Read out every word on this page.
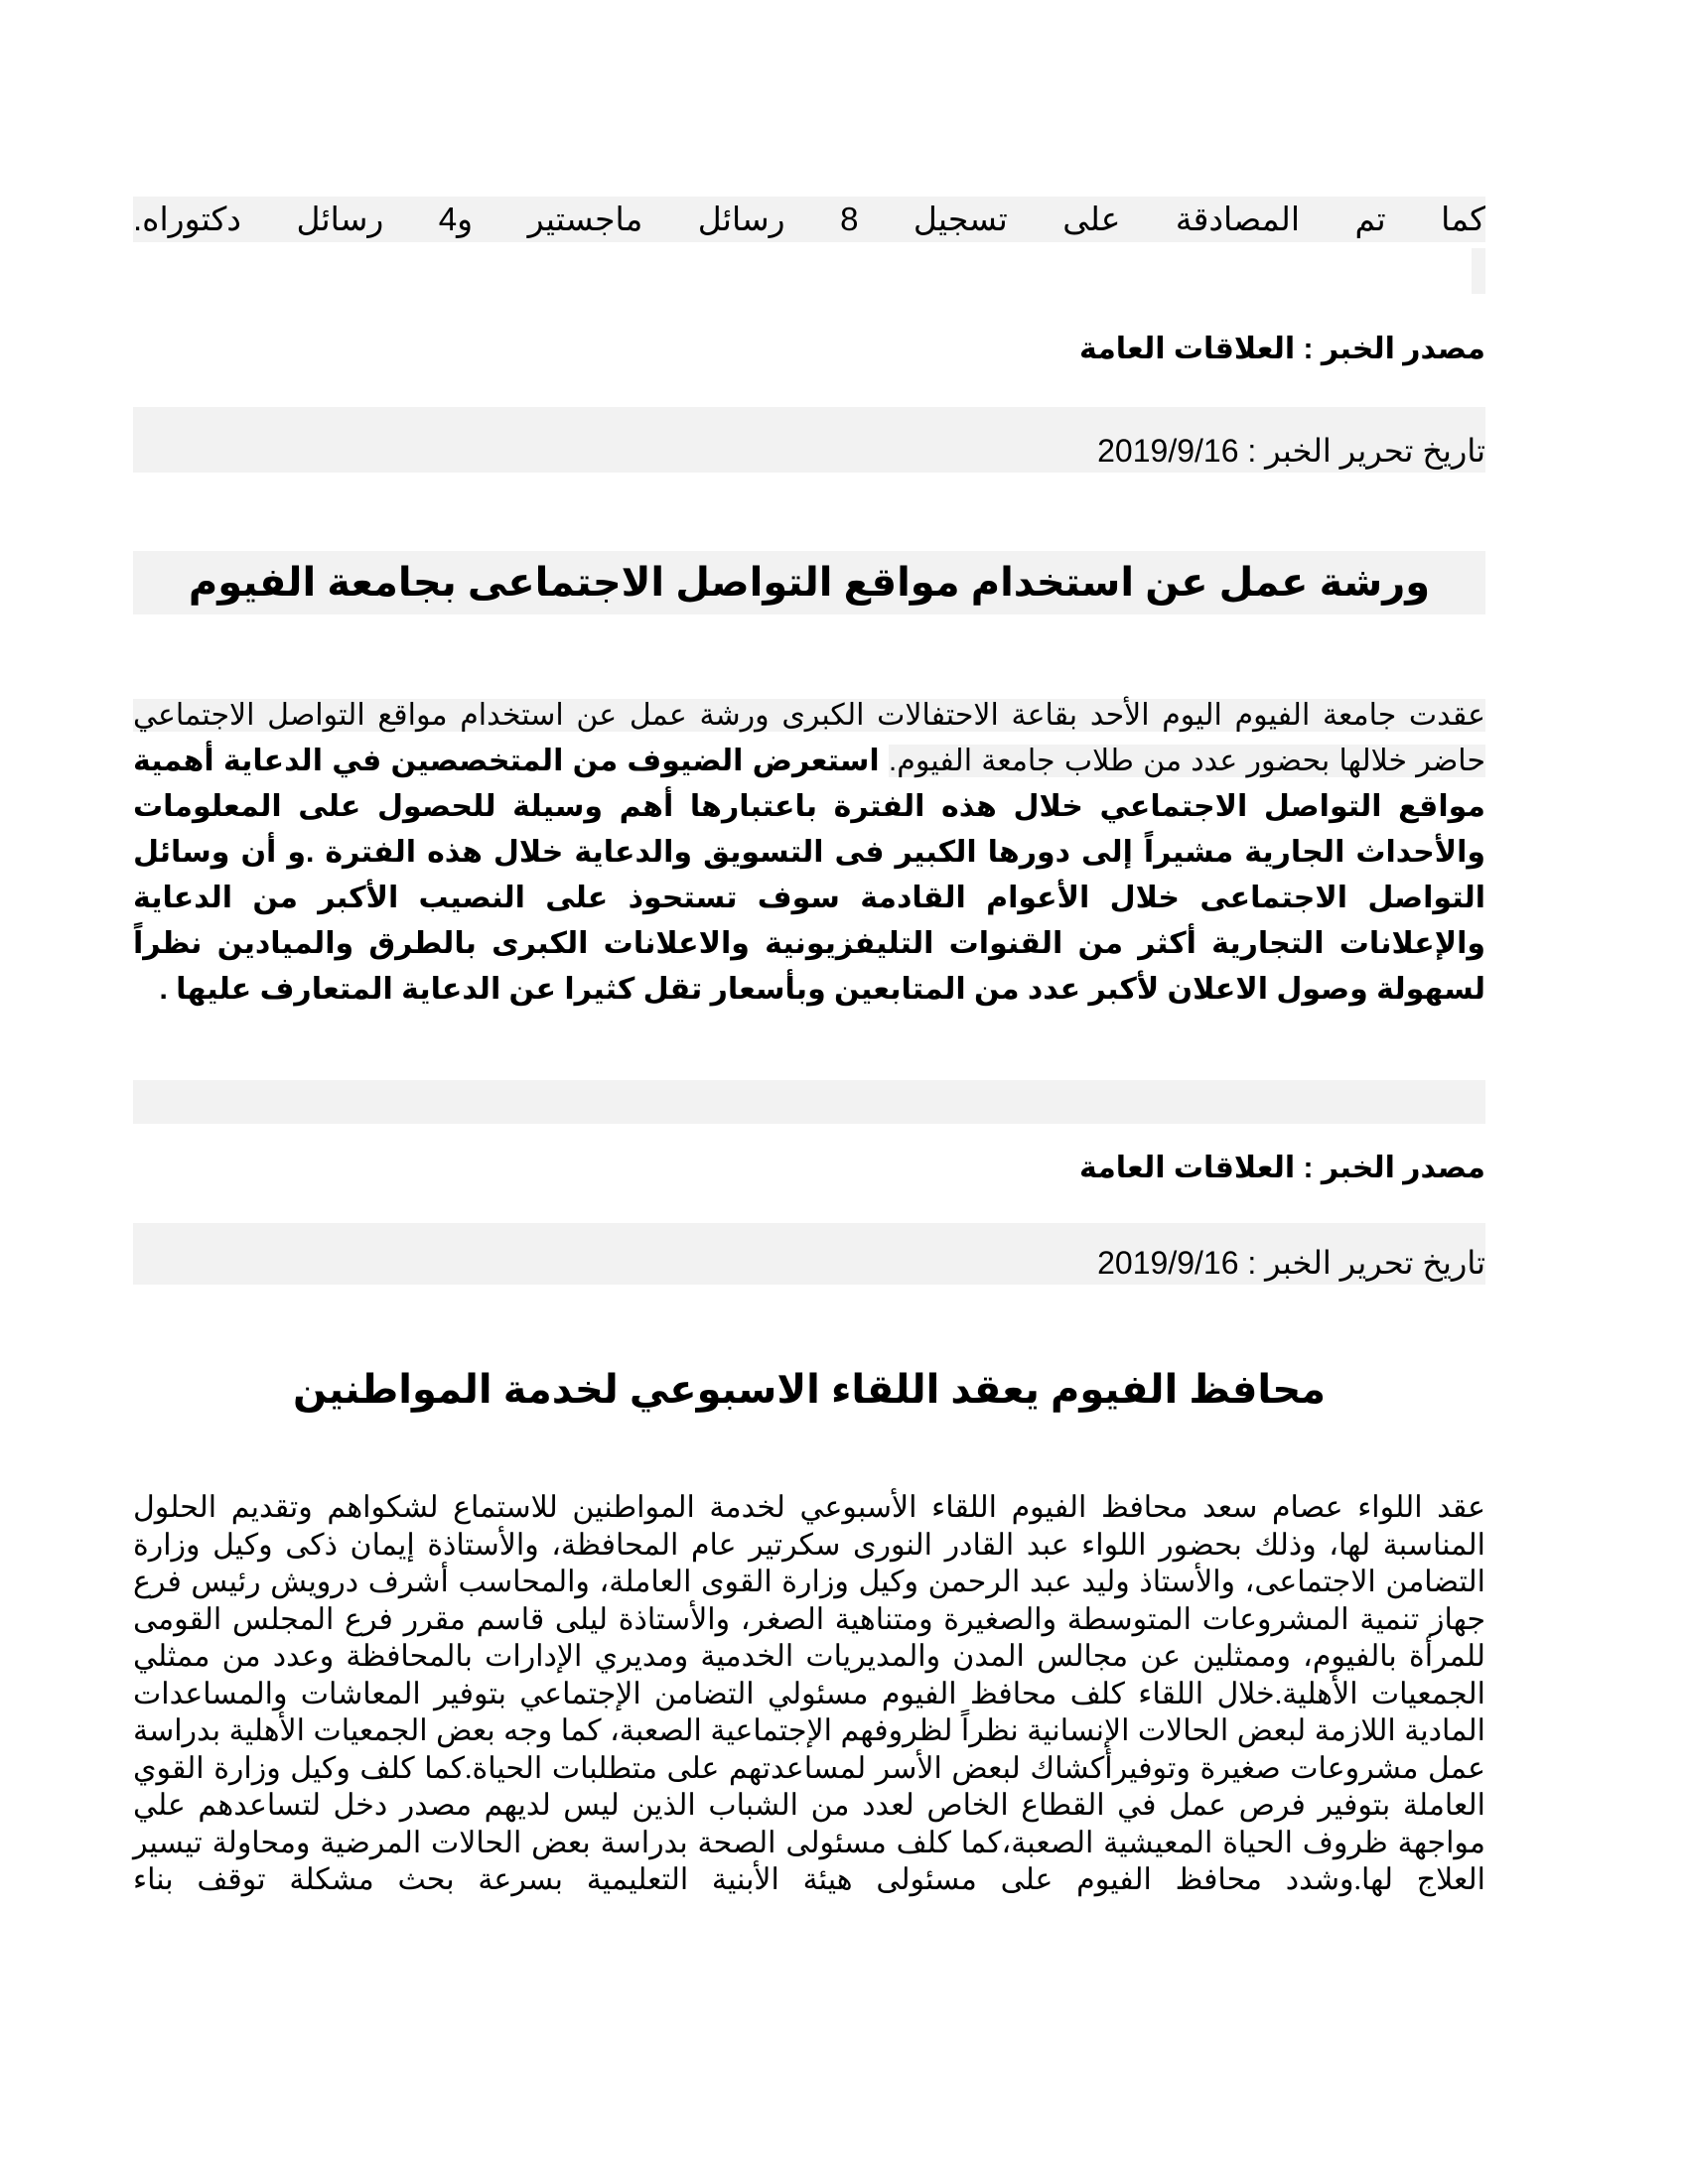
كما
تم
المصادقة
على
تسجيل
8
رسائل
ماجستير
و4
رسائل
دكتوراه.
مصدر الخبر : العلاقات العامة
تاريخ تحرير الخبر : 2019/9/16
ورشة عمل عن استخدام مواقع التواصل الاجتماعى بجامعة الفيوم
عقدت جامعة الفيوم اليوم الأحد بقاعة الاحتفالات الكبرى ورشة عمل عن استخدام مواقع التواصل الاجتماعي حاضر خلالها بحضور عدد من طلاب جامعة الفيوم. استعرض الضيوف من المتخصصين في الدعاية أهمية مواقع التواصل الاجتماعي خلال هذه الفترة باعتبارها أهم وسيلة للحصول على المعلومات والأحداث الجارية مشيراً إلى دورها الكبير فى التسويق والدعاية خلال هذه الفترة .و أن وسائل التواصل الاجتماعى خلال الأعوام القادمة سوف تستحوذ على النصيب الأكبر من الدعاية والإعلانات التجارية أكثر من القنوات التليفزيونية والاعلانات الكبرى بالطرق والميادين نظراً لسهولة وصول الاعلان لأكبر عدد من المتابعين وبأسعار تقل كثيرا عن الدعاية المتعارف عليها .
مصدر الخبر : العلاقات العامة
تاريخ تحرير الخبر : 2019/9/16
محافظ الفيوم يعقد اللقاء الاسبوعي لخدمة المواطنين
عقد اللواء عصام سعد محافظ الفيوم اللقاء الأسبوعي لخدمة المواطنين للاستماع لشكواهم وتقديم الحلول المناسبة لها، وذلك بحضور اللواء عبد القادر النورى سكرتير عام المحافظة، والأستاذة إيمان ذكى وكيل وزارة التضامن الاجتماعى، والأستاذ وليد عبد الرحمن وكيل وزارة القوى العاملة، والمحاسب أشرف درويش رئيس فرع جهاز تنمية المشروعات المتوسطة والصغيرة ومتناهية الصغر، والأستاذة ليلى قاسم مقرر فرع المجلس القومى للمرأة بالفيوم، وممثلين عن مجالس المدن والمديريات الخدمية ومديري الإدارات بالمحافظة وعدد من ممثلي الجمعيات الأهلية.خلال اللقاء كلف محافظ الفيوم مسئولي التضامن الإجتماعي بتوفير المعاشات والمساعدات المادية اللازمة لبعض الحالات الإنسانية نظراً لظروفهم الإجتماعية الصعبة، كما وجه بعض الجمعيات الأهلية بدراسة عمل مشروعات صغيرة وتوفيرأكشاك لبعض الأسر لمساعدتهم على متطلبات الحياة.كما كلف وكيل وزارة القوي العاملة بتوفير فرص عمل في القطاع الخاص لعدد من الشباب الذين ليس لديهم مصدر دخل لتساعدهم علي مواجهة ظروف الحياة المعيشية الصعبة،كما كلف مسئولى الصحة بدراسة بعض الحالات المرضية ومحاولة تيسير العلاج لها.وشدد محافظ الفيوم على مسئولى هيئة الأبنية التعليمية بسرعة بحث مشكلة توقف بناء
